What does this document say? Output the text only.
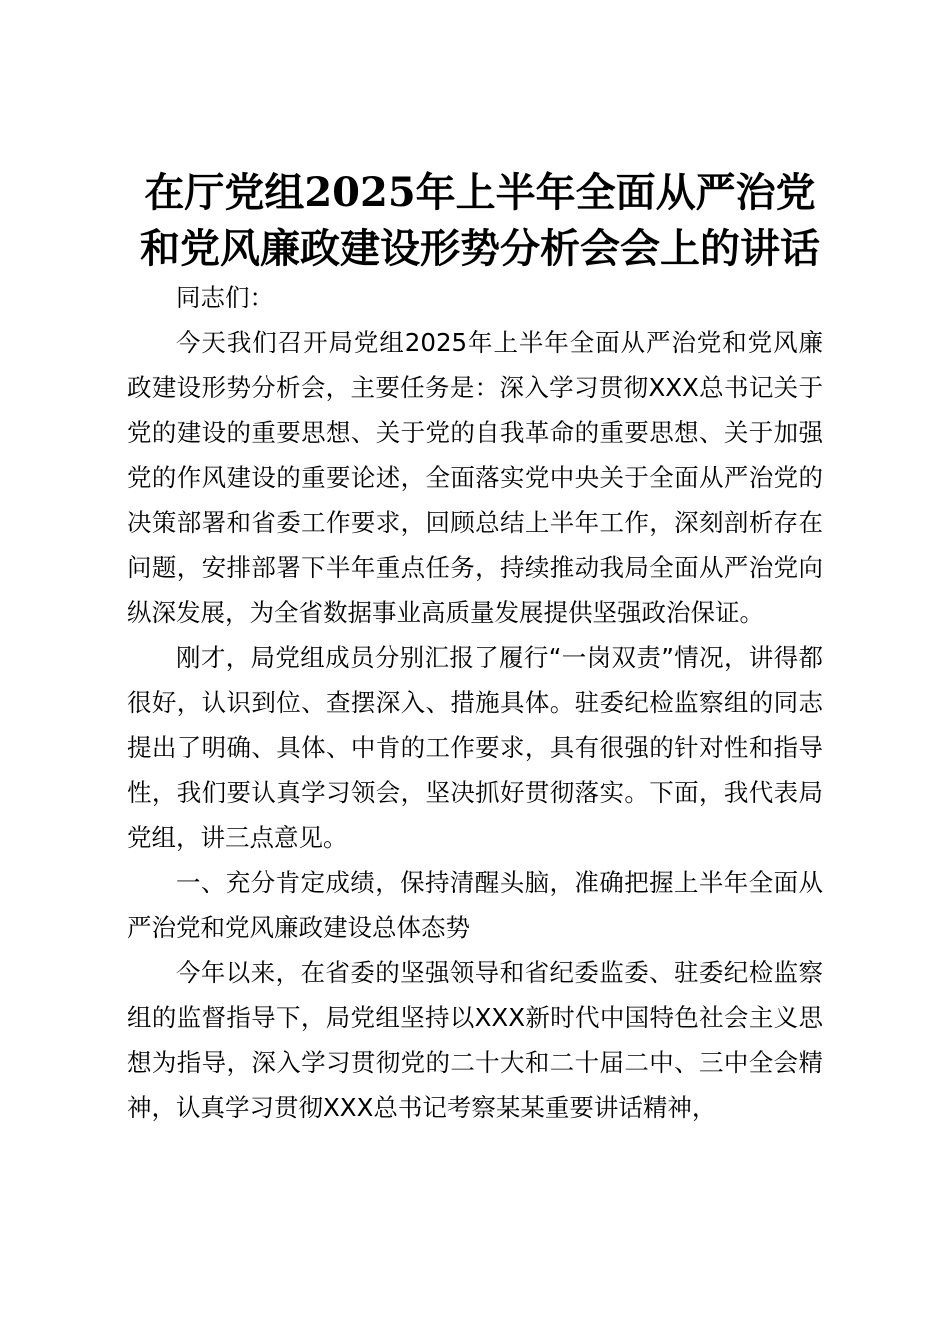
在厅党组2025年上半年全面从严治党
和党风廉政建设形势分析会会上的讲话

同志们：

今天我们召开局党组2025年上半年全面从严治党和党风廉政建设形势分析会，主要任务是：深入学习贯彻XXX总书记关于党的建设的重要思想、关于党的自我革命的重要思想、关于加强党的作风建设的重要论述，全面落实党中央关于全面从严治党的决策部署和省委工作要求，回顾总结上半年工作，深刻剖析存在问题，安排部署下半年重点任务，持续推动我局全面从严治党向纵深发展，为全省数据事业高质量发展提供坚强政治保证。

刚才，局党组成员分别汇报了履行“一岗双责”情况，讲得都很好，认识到位、查摆深入、措施具体。驻委纪检监察组的同志提出了明确、具体、中肯的工作要求，具有很强的针对性和指导性，我们要认真学习领会，坚决抓好贯彻落实。下面，我代表局党组，讲三点意见。

一、充分肯定成绩，保持清醒头脑，准确把握上半年全面从严治党和党风廉政建设总体态势

今年以来，在省委的坚强领导和省纪委监委、驻委纪检监察组的监督指导下，局党组坚持以XXX新时代中国特色社会主义思想为指导，深入学习贯彻党的二十大和二十届二中、三中全会精神，认真学习贯彻XXX总书记考察某某重要讲话精神，
